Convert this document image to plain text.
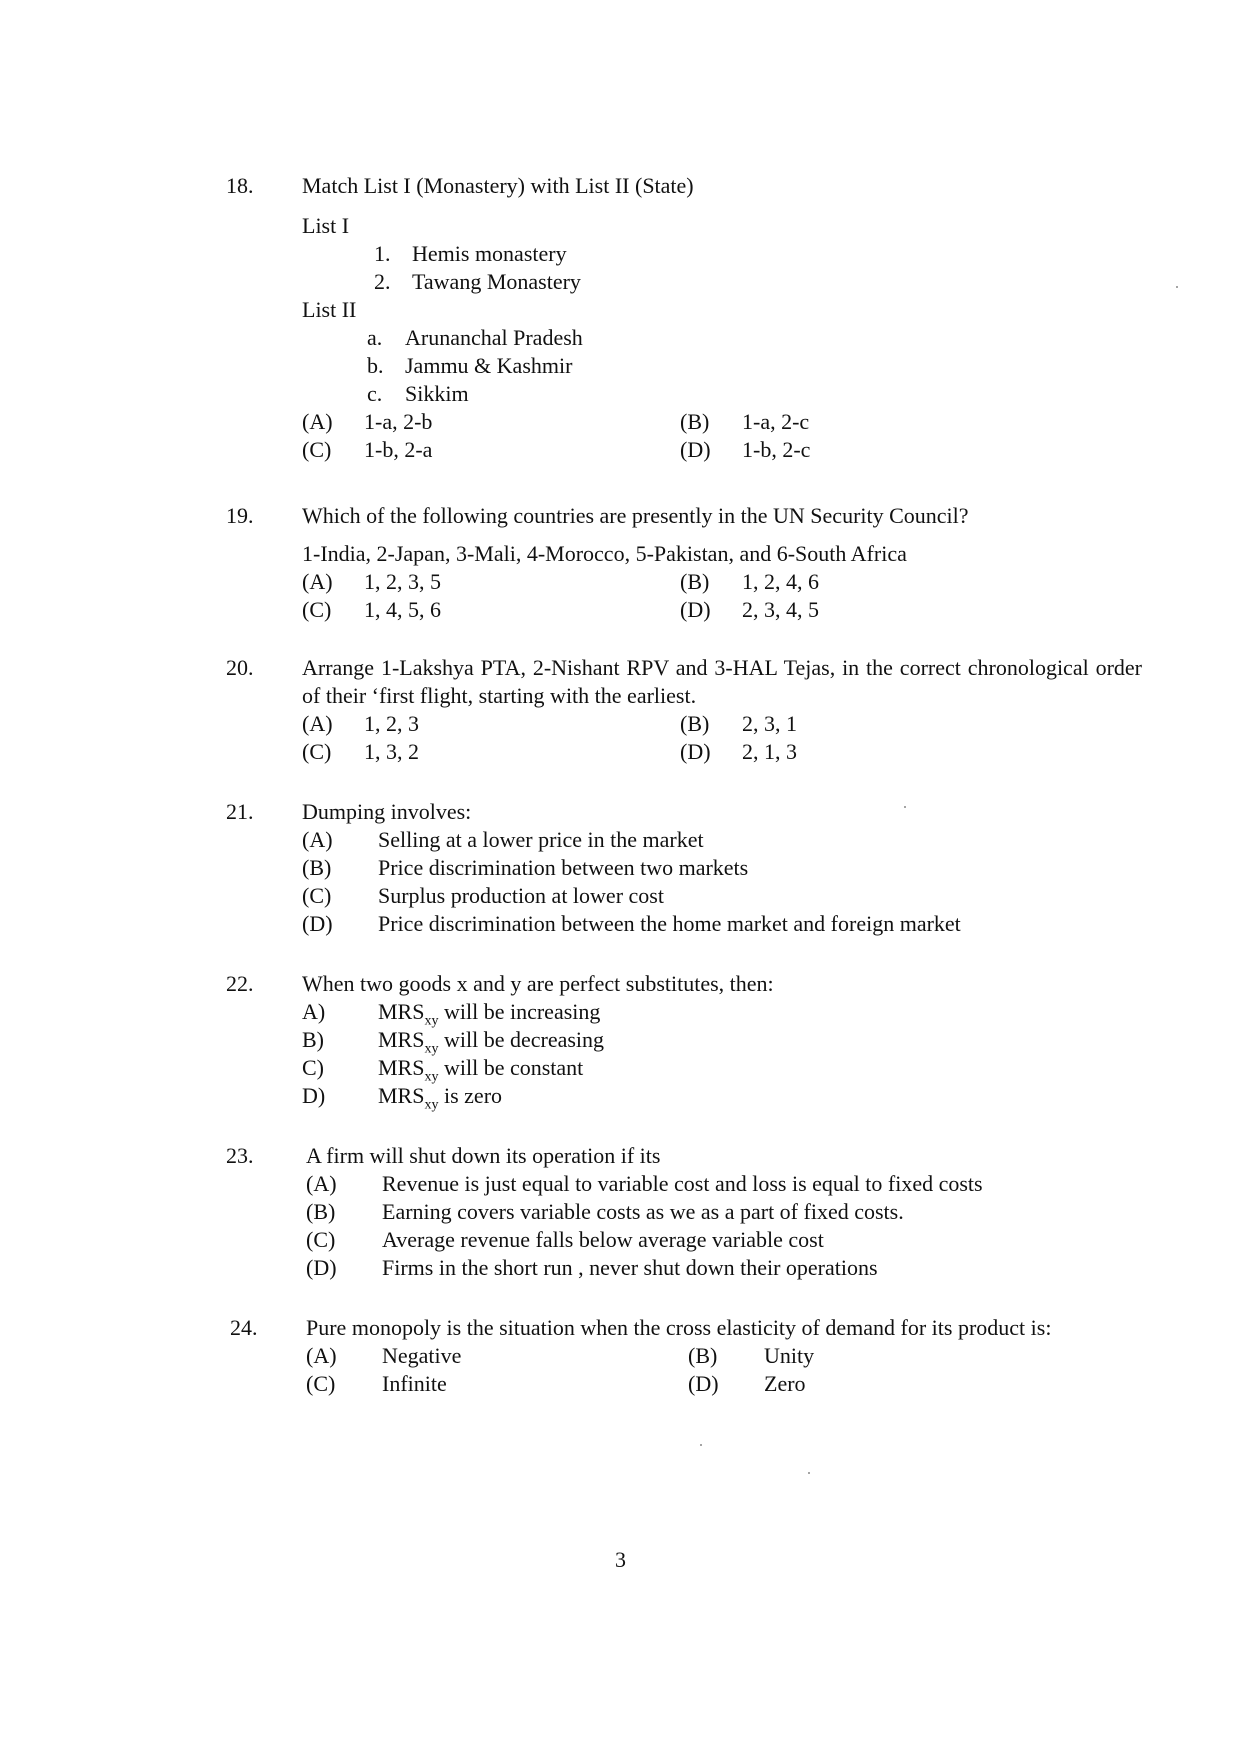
18. Match List I (Monastery) with List II (State)

List I

1. Hemis monastery
2. Tawang Monastery

List II

a.	Arunanchal Pradesh
b. Jammu & Kashmir
c.	Sikkim
(A)	1-a, 2-b	(B)	1-a, 2-c
(C)	1-b, 2-a	(D)	1-b, 2-c
19. Which of the following countries are presently in the UN Security Council?

1-India, 2-Japan, 3-Mali, 4-Morocco, 5-Pakistan, and 6-South Africa

(A)	1, 2, 3, 5	(B)	1, 2, 4, 6
(C)	1, 4, 5, 6	(D)	2, 3, 4, 5
20. Arrange 1-Lakshya PTA, 2-Nishant RPV and 3-HAL Tejas, in the correct chronological order of their ‘first flight, starting with the earliest.

(A)	1, 2, 3	(B)	2, 3, 1
(C)	1, 3, 2	(D)	2, 1, 3
21. Dumping involves:

(A)	Selling at a lower price in the market
(B)	Price discrimination between two markets
(C)	Surplus production at lower cost
(D)	Price discrimination between the home market and foreign market
22. When two goods x and y are perfect substitutes, then:

A)	$MRS_{xy}$ will be increasing
B)	$MRS_{xy}$ will be decreasing
C)	$MRS_{xy}$ will be constant
D)	$MRS_{xy}$ is zero
23. A firm will shut down its operation if its

(A)	Revenue is just equal to variable cost and loss is equal to fixed costs
(B)	Earning covers variable costs as we as a part of fixed costs.
(C)	Average revenue falls below average variable cost
(D)	Firms in the short run , never shut down their operations
24. Pure monopoly is the situation when the cross elasticity of demand for its product is:

(A)	Negative	(B)	Unity
(C)	Infinite	(D)	Zero
3
